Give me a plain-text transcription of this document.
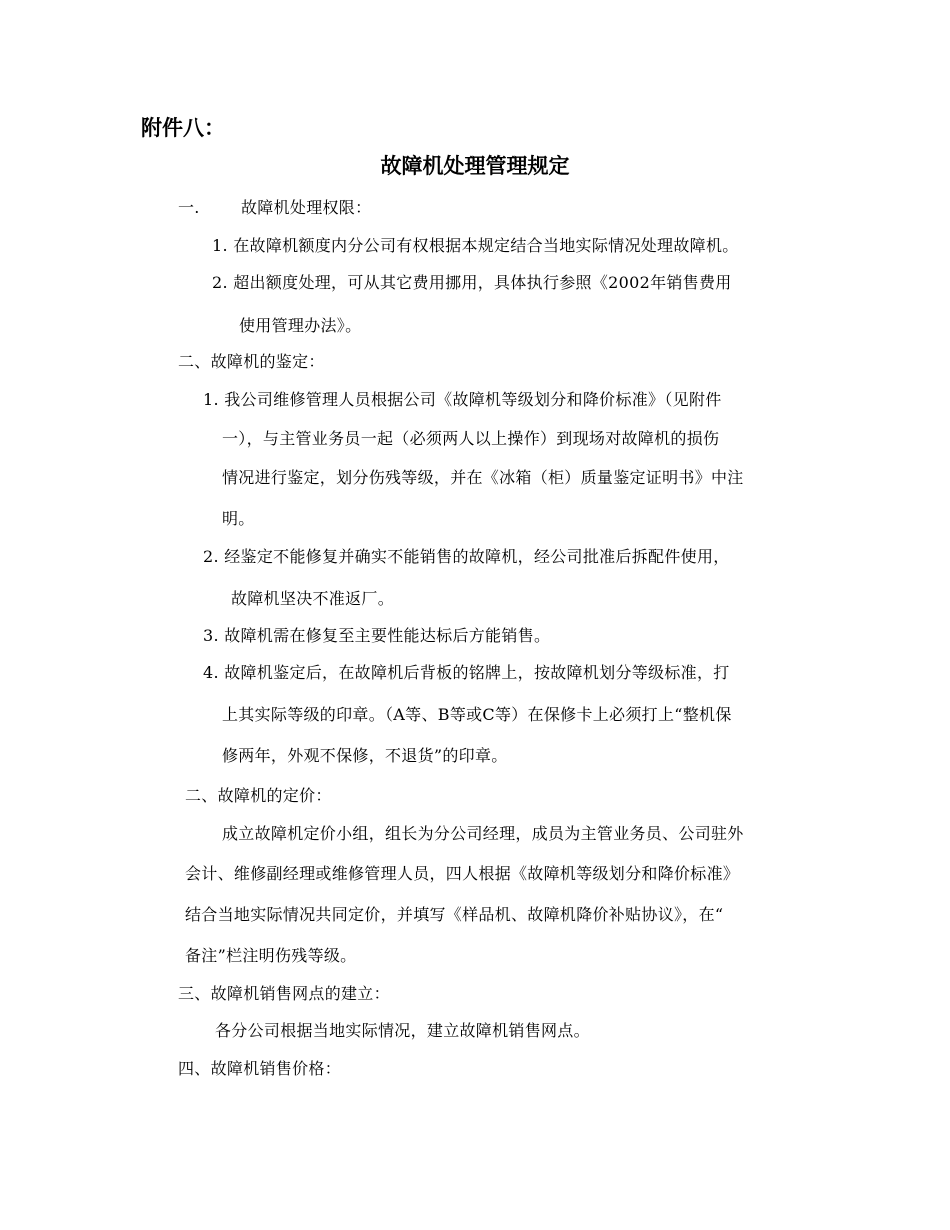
附件八：
故障机处理管理规定
一.	故障机处理权限：
1. 在故障机额度内分公司有权根据本规定结合当地实际情况处理故障机。
2. 超出额度处理，可从其它费用挪用，具体执行参照《2002年销售费用
使用管理办法》。
二、故障机的鉴定：
1. 我公司维修管理人员根据公司《故障机等级划分和降价标准》（见附件
一），与主管业务员一起（必须两人以上操作）到现场对故障机的损伤
情况进行鉴定，划分伤残等级，并在《冰箱（柜）质量鉴定证明书》中注
明。
2. 经鉴定不能修复并确实不能销售的故障机，经公司批准后拆配件使用，
故障机坚决不准返厂。
3. 故障机需在修复至主要性能达标后方能销售。
4. 故障机鉴定后，在故障机后背板的铭牌上，按故障机划分等级标准，打
上其实际等级的印章。（A等、B等或C等）在保修卡上必须打上“整机保
修两年，外观不保修，不退货”的印章。
二、故障机的定价：
成立故障机定价小组，组长为分公司经理，成员为主管业务员、公司驻外
会计、维修副经理或维修管理人员，四人根据《故障机等级划分和降价标准》
结合当地实际情况共同定价，并填写《样品机、故障机降价补贴协议》，在“
备注”栏注明伤残等级。
三、故障机销售网点的建立：
各分公司根据当地实际情况，建立故障机销售网点。
四、故障机销售价格：
